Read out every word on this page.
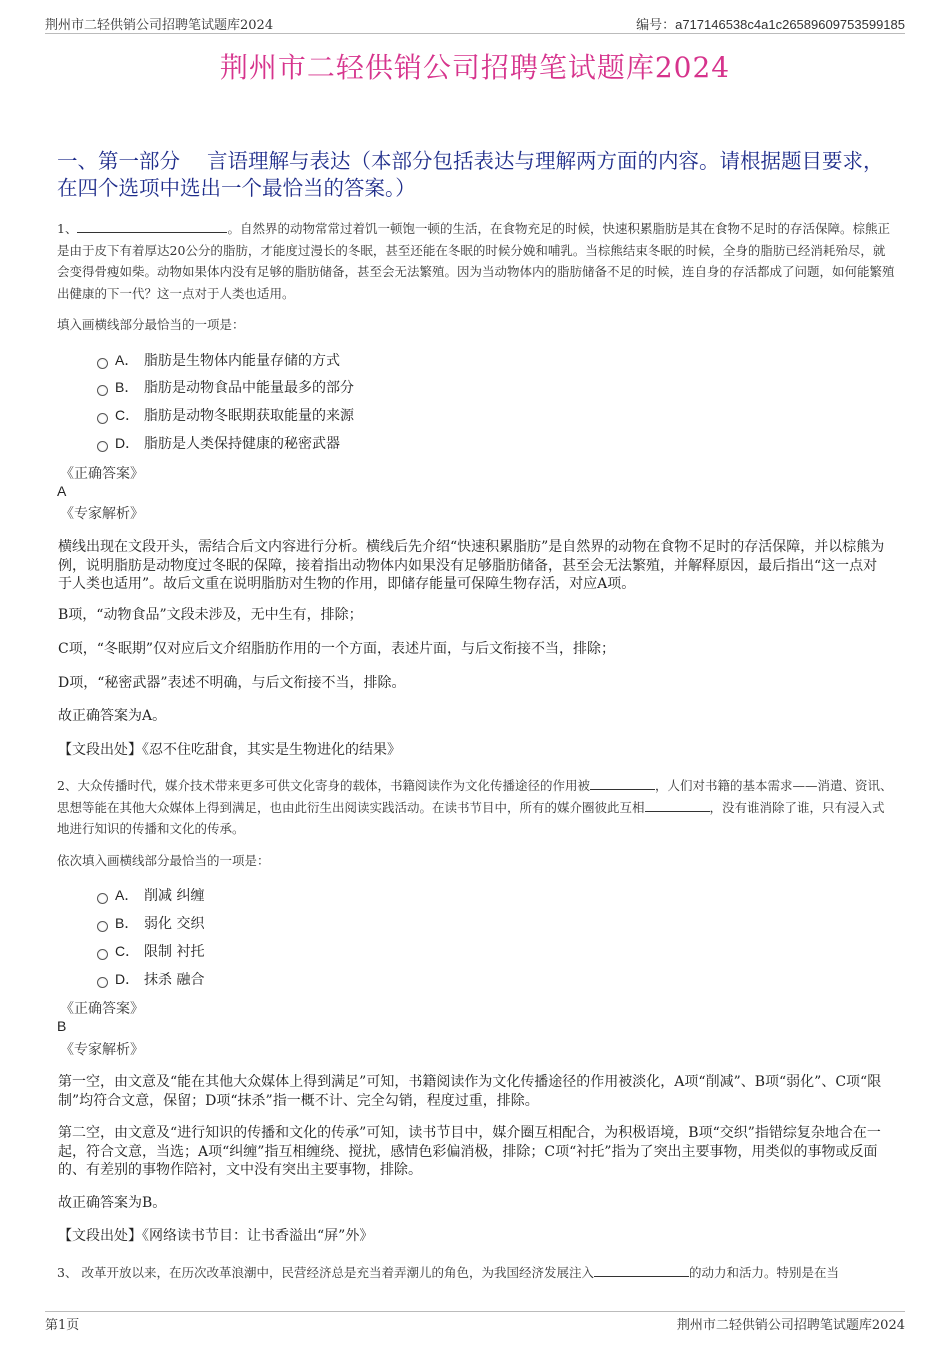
荆州市二轻供销公司招聘笔试题库2024	编号：a717146538c4a1c26589609753599185
荆州市二轻供销公司招聘笔试题库2024
一、第一部分　 言语理解与表达（本部分包括表达与理解两方面的内容。请根据题目要求，在四个选项中选出一个最恰当的答案。）
1、	。自然界的动物常常过着饥一顿饱一顿的生活，在食物充足的时候，快速积累脂肪是其在食物不足时的存活保障。棕熊正是由于皮下有着厚达20公分的脂肪，才能度过漫长的冬眠，甚至还能在冬眠的时候分娩和哺乳。当棕熊结束冬眠的时候，全身的脂肪已经消耗殆尽，就会变得骨瘦如柴。动物如果体内没有足够的脂肪储备，甚至会无法繁殖。因为当动物体内的脂肪储备不足的时候，连自身的存活都成了问题，如何能繁殖出健康的下一代？这一点对于人类也适用。
填入画横线部分最恰当的一项是：
A． 脂肪是生物体内能量存储的方式
B． 脂肪是动物食品中能量最多的部分
C． 脂肪是动物冬眠期获取能量的来源
D． 脂肪是人类保持健康的秘密武器
《正确答案》
A
《专家解析》
横线出现在文段开头，需结合后文内容进行分析。横线后先介绍“快速积累脂肪”是自然界的动物在食物不足时的存活保障，并以棕熊为例，说明脂肪是动物度过冬眠的保障，接着指出动物体内如果没有足够脂肪储备，甚至会无法繁殖，并解释原因，最后指出“这一点对于人类也适用”。故后文重在说明脂肪对生物的作用，即储存能量可保障生物存活，对应A项。
B项，“动物食品”文段未涉及，无中生有，排除；
C项，“冬眠期”仅对应后文介绍脂肪作用的一个方面，表述片面，与后文衔接不当，排除；
D项，“秘密武器”表述不明确，与后文衔接不当，排除。
故正确答案为A。
【文段出处】《忍不住吃甜食，其实是生物进化的结果》
2、大众传播时代，媒介技术带来更多可供文化寄身的载体，书籍阅读作为文化传播途径的作用被	，人们对书籍的基本需求——消遣、资讯、思想等能在其他大众媒体上得到满足，也由此衍生出阅读实践活动。在读书节目中，所有的媒介圈彼此互相	，没有谁消除了谁，只有浸入式地进行知识的传播和文化的传承。
依次填入画横线部分最恰当的一项是：
A． 削减 纠缠
B． 弱化 交织
C． 限制 衬托
D． 抹杀 融合
《正确答案》
B
《专家解析》
第一空，由文意及“能在其他大众媒体上得到满足”可知，书籍阅读作为文化传播途径的作用被淡化，A项“削减”、B项“弱化”、C项“限制”均符合文意，保留；D项“抹杀”指一概不计、完全勾销，程度过重，排除。
第二空，由文意及“进行知识的传播和文化的传承”可知，读书节目中，媒介圈互相配合，为积极语境，B项“交织”指错综复杂地合在一起，符合文意，当选；A项“纠缠”指互相缠绕、搅扰，感情色彩偏消极，排除；C项“衬托”指为了突出主要事物，用类似的事物或反面的、有差别的事物作陪衬，文中没有突出主要事物，排除。
故正确答案为B。
【文段出处】《网络读书节目：让书香溢出“屏”外》
3、 改革开放以来，在历次改革浪潮中，民营经济总是充当着弄潮儿的角色，为我国经济发展注入	的动力和活力。特别是在当
第1页	荆州市二轻供销公司招聘笔试题库2024
